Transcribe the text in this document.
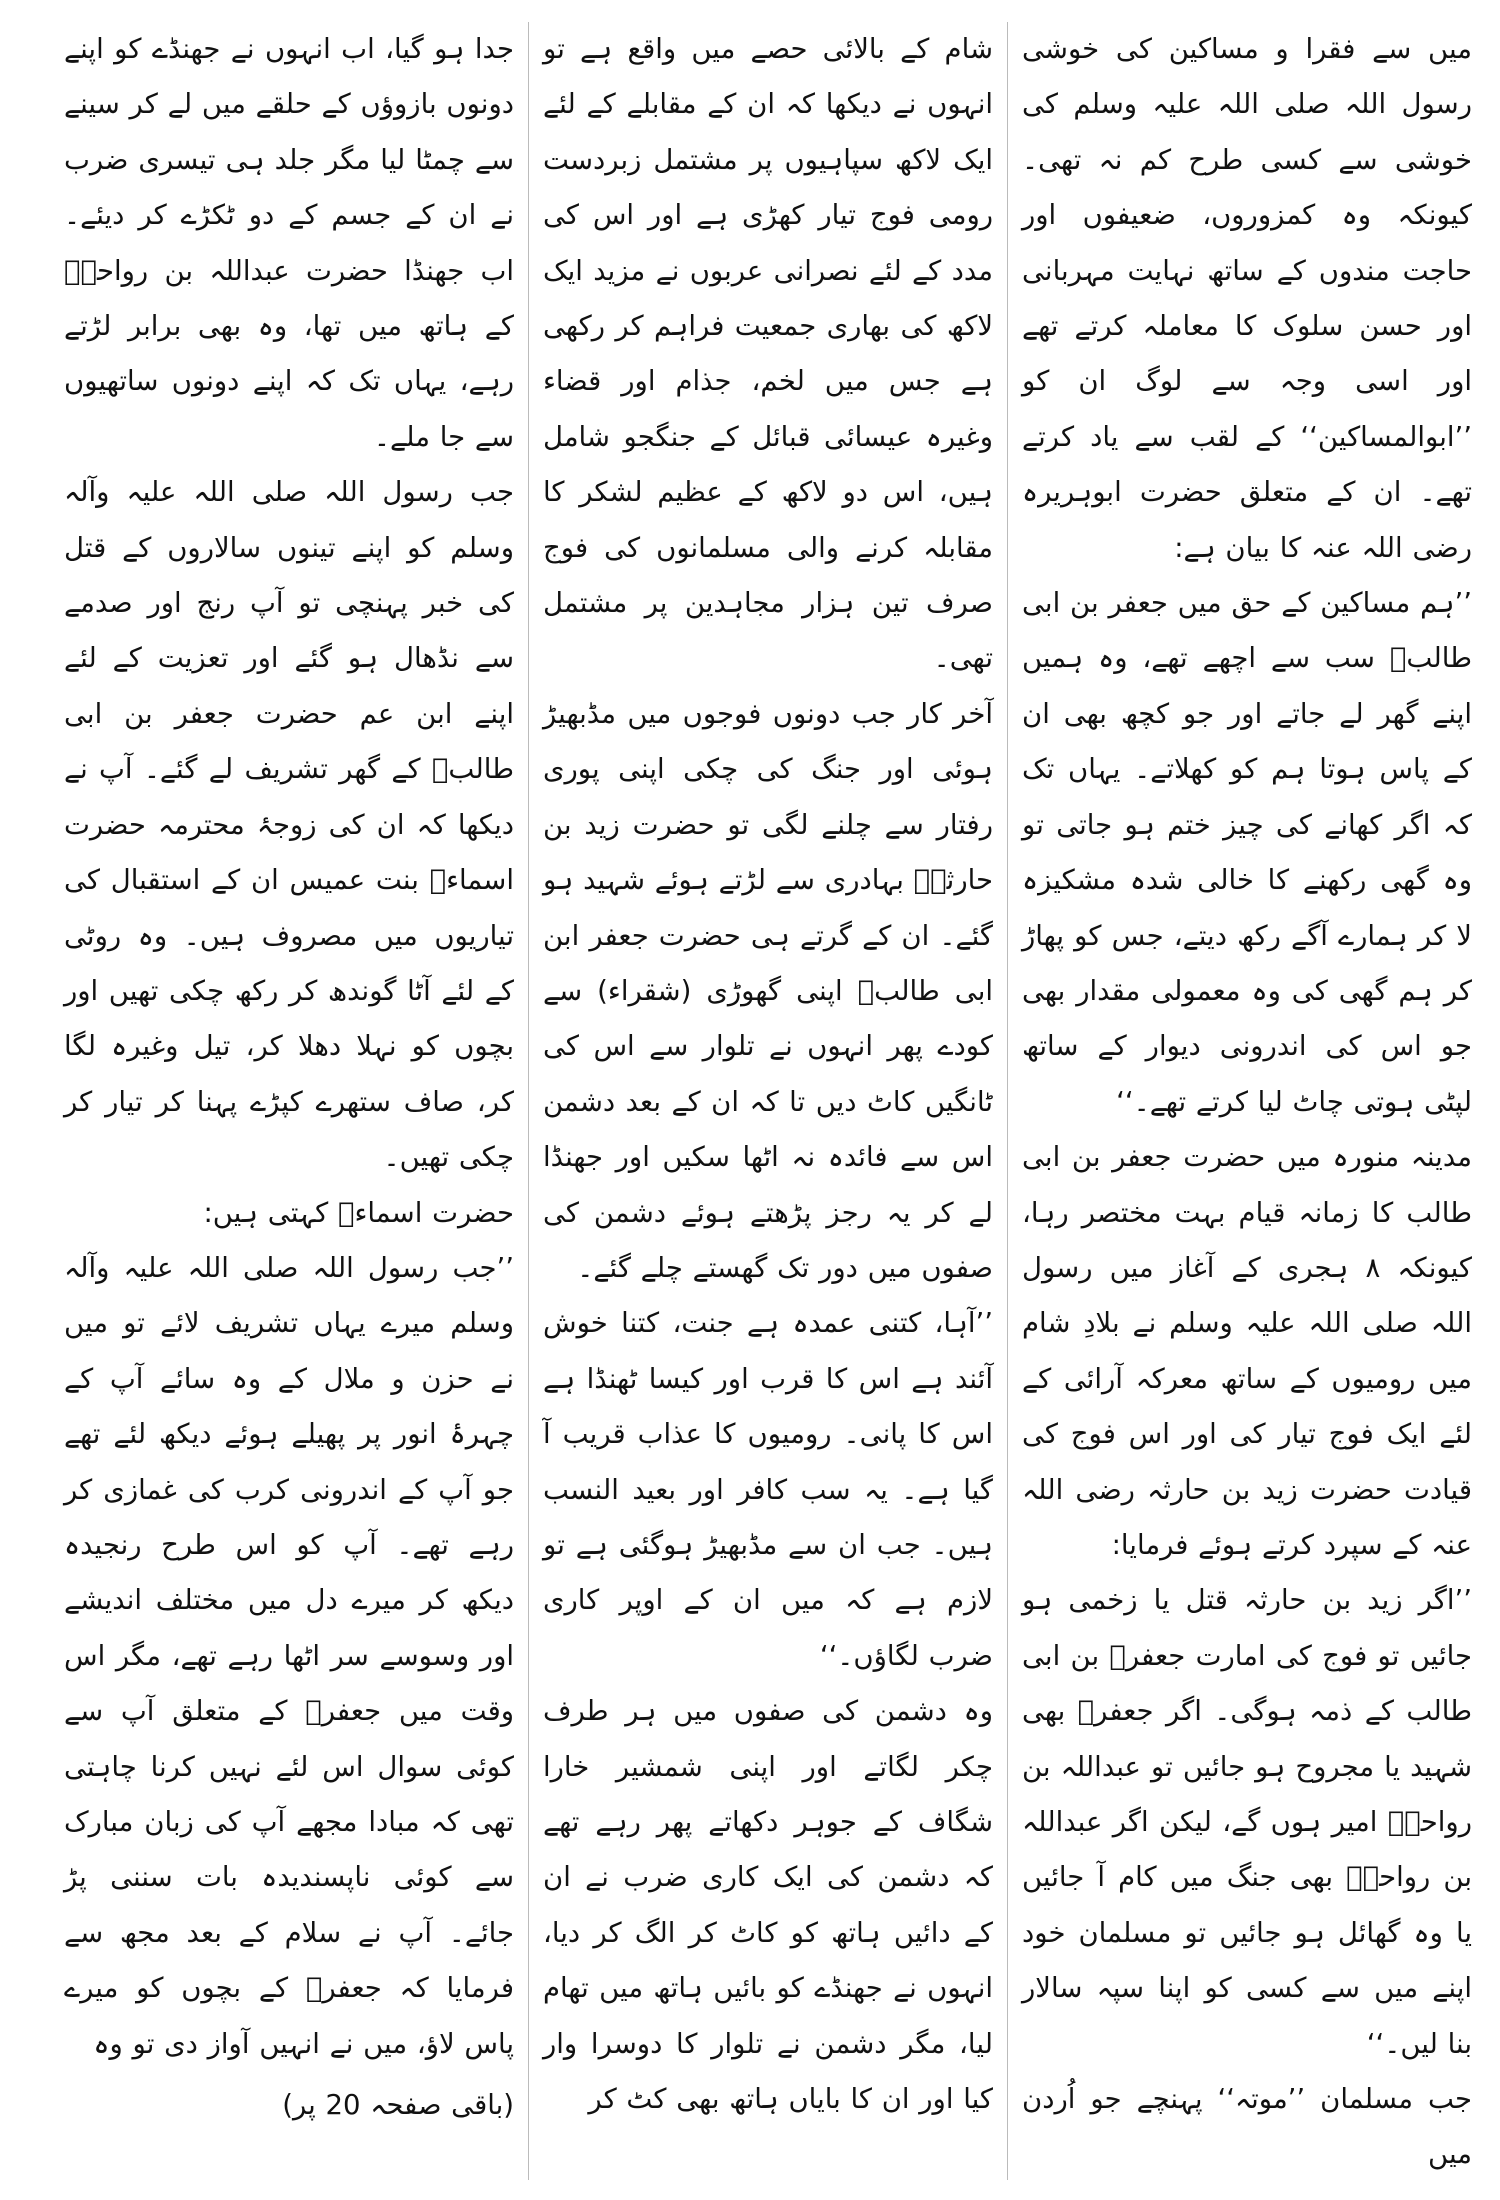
میں سے فقرا و مساکین کی خوشی رسول اللہ صلی اللہ علیہ وسلم کی خوشی سے کسی طرح کم نہ تھی۔ کیونکہ وہ کمزوروں، ضعیفوں اور حاجت مندوں کے ساتھ نہایت مہربانی اور حسن سلوک کا معاملہ کرتے تھے اور اسی وجہ سے لوگ ان کو ’’ابوالمساکین‘‘ کے لقب سے یاد کرتے تھے۔ ان کے متعلق حضرت ابوہریرہ رضی اللہ عنہ کا بیان ہے:

’’ہم مساکین کے حق میں جعفر بن ابی طالبؓ سب سے اچھے تھے، وہ ہمیں اپنے گھر لے جاتے اور جو کچھ بھی ان کے پاس ہوتا ہم کو کھلاتے۔ یہاں تک کہ اگر کھانے کی چیز ختم ہو جاتی تو وہ گھی رکھنے کا خالی شدہ مشکیزہ لا کر ہمارے آگے رکھ دیتے، جس کو پھاڑ کر ہم گھی کی وہ معمولی مقدار بھی جو اس کی اندرونی دیوار کے ساتھ لپٹی ہوتی چاٹ لیا کرتے تھے۔‘‘

مدینہ منورہ میں حضرت جعفر بن ابی طالب کا زمانہ قیام بہت مختصر رہا، کیونکہ ۸ ہجری کے آغاز میں رسول اللہ صلی اللہ علیہ وسلم نے بلادِ شام میں رومیوں کے ساتھ معرکہ آرائی کے لئے ایک فوج تیار کی اور اس فوج کی قیادت حضرت زید بن حارثہ رضی اللہ عنہ کے سپرد کرتے ہوئے فرمایا:

’’اگر زید بن حارثہ قتل یا زخمی ہو جائیں تو فوج کی امارت جعفرؓ بن ابی طالب کے ذمہ ہوگی۔ اگر جعفرؓ بھی شہید یا مجروح ہو جائیں تو عبداللہ بن رواحہؓ امیر ہوں گے، لیکن اگر عبداللہ بن رواحہؓ بھی جنگ میں کام آ جائیں یا وہ گھائل ہو جائیں تو مسلمان خود اپنے میں سے کسی کو اپنا سپہ سالار بنا لیں۔‘‘

جب مسلمان ’’موتہ‘‘ پہنچے جو اُردن میں

شام کے بالائی حصے میں واقع ہے تو انہوں نے دیکھا کہ ان کے مقابلے کے لئے ایک لاکھ سپاہیوں پر مشتمل زبردست رومی فوج تیار کھڑی ہے اور اس کی مدد کے لئے نصرانی عربوں نے مزید ایک لاکھ کی بھاری جمعیت فراہم کر رکھی ہے جس میں لخم، جذام اور قضاء وغیرہ عیسائی قبائل کے جنگجو شامل ہیں، اس دو لاکھ کے عظیم لشکر کا مقابلہ کرنے والی مسلمانوں کی فوج صرف تین ہزار مجاہدین پر مشتمل تھی۔

آخر کار جب دونوں فوجوں میں مڈبھیڑ ہوئی اور جنگ کی چکی اپنی پوری رفتار سے چلنے لگی تو حضرت زید بن حارثہؓ بہادری سے لڑتے ہوئے شہید ہو گئے۔ ان کے گرتے ہی حضرت جعفر ابن ابی طالبؓ اپنی گھوڑی (شقراء) سے کودے پھر انہوں نے تلوار سے اس کی ٹانگیں کاٹ دیں تا کہ ان کے بعد دشمن اس سے فائدہ نہ اٹھا سکیں اور جھنڈا لے کر یہ رجز پڑھتے ہوئے دشمن کی صفوں میں دور تک گھستے چلے گئے۔

’’آہا، کتنی عمدہ ہے جنت، کتنا خوش آئند ہے اس کا قرب اور کیسا ٹھنڈا ہے اس کا پانی۔ رومیوں کا عذاب قریب آ گیا ہے۔ یہ سب کافر اور بعید النسب ہیں۔ جب ان سے مڈبھیڑ ہوگئی ہے تو لازم ہے کہ میں ان کے اوپر کاری ضرب لگاؤں۔‘‘

وہ دشمن کی صفوں میں ہر طرف چکر لگاتے اور اپنی شمشیر خارا شگاف کے جوہر دکھاتے پھر رہے تھے کہ دشمن کی ایک کاری ضرب نے ان کے دائیں ہاتھ کو کاٹ کر الگ کر دیا، انہوں نے جھنڈے کو بائیں ہاتھ میں تھام لیا، مگر دشمن نے تلوار کا دوسرا وار کیا اور ان کا بایاں ہاتھ بھی کٹ کر

جدا ہو گیا، اب انہوں نے جھنڈے کو اپنے دونوں بازوؤں کے حلقے میں لے کر سینے سے چمٹا لیا مگر جلد ہی تیسری ضرب نے ان کے جسم کے دو ٹکڑے کر دیئے۔ اب جھنڈا حضرت عبداللہ بن رواحہؓ کے ہاتھ میں تھا، وہ بھی برابر لڑتے رہے، یہاں تک کہ اپنے دونوں ساتھیوں سے جا ملے۔

جب رسول اللہ صلی اللہ علیہ وآلہ وسلم کو اپنے تینوں سالاروں کے قتل کی خبر پہنچی تو آپ رنج اور صدمے سے نڈھال ہو گئے اور تعزیت کے لئے اپنے ابن عم حضرت جعفر بن ابی طالبؓ کے گھر تشریف لے گئے۔ آپ نے دیکھا کہ ان کی زوجۂ محترمہ حضرت اسماءؓ بنت عمیس ان کے استقبال کی تیاریوں میں مصروف ہیں۔ وہ روٹی کے لئے آٹا گوندھ کر رکھ چکی تھیں اور بچوں کو نہلا دھلا کر، تیل وغیرہ لگا کر، صاف ستھرے کپڑے پہنا کر تیار کر چکی تھیں۔

حضرت اسماءؓ کہتی ہیں:

’’جب رسول اللہ صلی اللہ علیہ وآلہ وسلم میرے یہاں تشریف لائے تو میں نے حزن و ملال کے وہ سائے آپ کے چہرۂ انور پر پھیلے ہوئے دیکھ لئے تھے جو آپ کے اندرونی کرب کی غمازی کر رہے تھے۔ آپ کو اس طرح رنجیدہ دیکھ کر میرے دل میں مختلف اندیشے اور وسوسے سر اٹھا رہے تھے، مگر اس وقت میں جعفرؓ کے متعلق آپ سے کوئی سوال اس لئے نہیں کرنا چاہتی تھی کہ مبادا مجھے آپ کی زبان مبارک سے کوئی ناپسندیدہ بات سننی پڑ جائے۔ آپ نے سلام کے بعد مجھ سے فرمایا کہ جعفرؓ کے بچوں کو میرے پاس لاؤ، میں نے انہیں آواز دی تو وہ

(باقی صفحہ 20 پر)
